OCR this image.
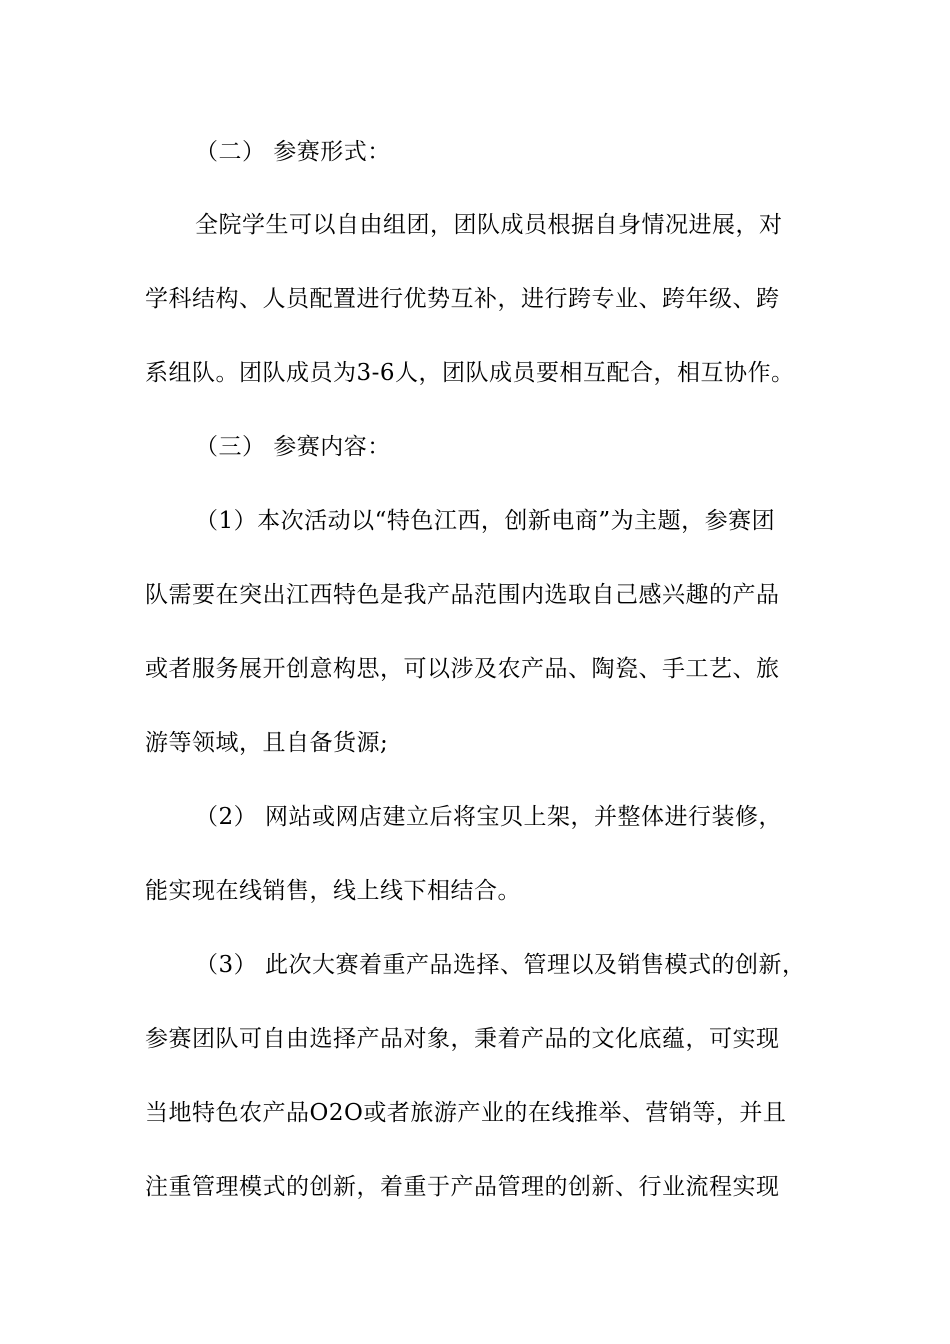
（二） 参赛形式：
全院学生可以自由组团，团队成员根据自身情况进展，对
学科结构、人员配置进行优势互补，进行跨专业、跨年级、跨
系组队。团队成员为3-6人，团队成员要相互配合，相互协作。
（三） 参赛内容：
（1）本次活动以“特色江西，创新电商”为主题，参赛团
队需要在突出江西特色是我产品范围内选取自己感兴趣的产品
或者服务展开创意构思，可以涉及农产品、陶瓷、手工艺、旅
游等领域，且自备货源;
（2） 网站或网店建立后将宝贝上架，并整体进行装修，
能实现在线销售，线上线下相结合。
（3） 此次大赛着重产品选择、管理以及销售模式的创新，
参赛团队可自由选择产品对象，秉着产品的文化底蕴，可实现
当地特色农产品O2O或者旅游产业的在线推举、营销等，并且
注重管理模式的创新，着重于产品管理的创新、行业流程实现
